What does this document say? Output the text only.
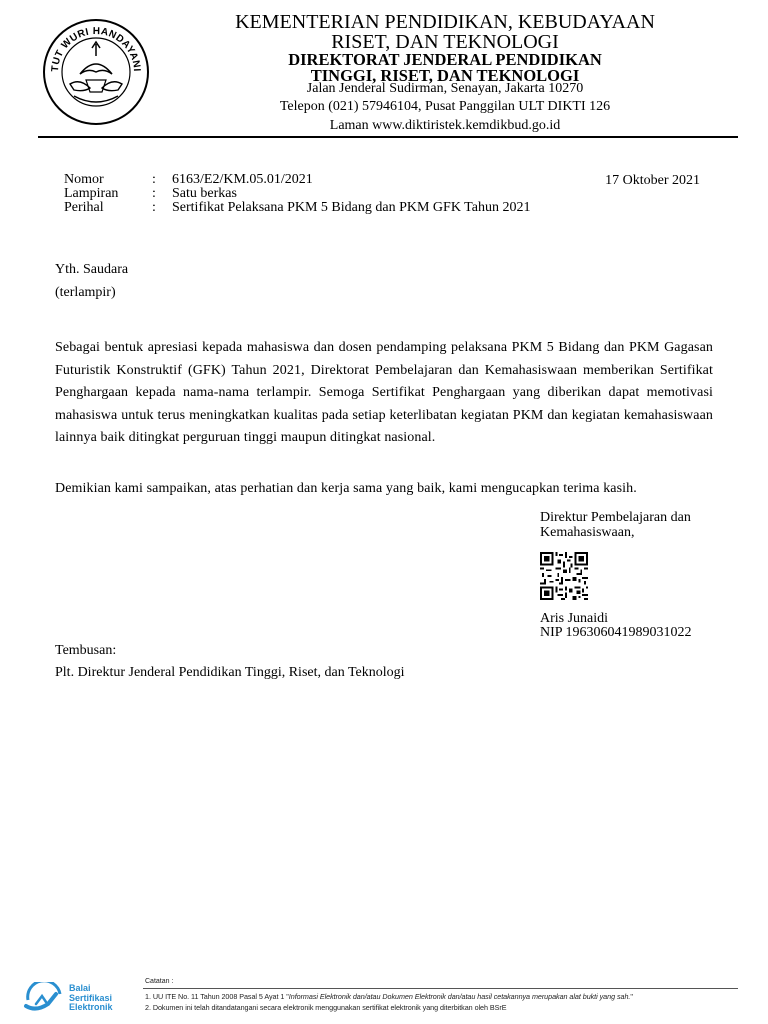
TUT WURI HANDAYANI
KEMENTERIAN PENDIDIKAN, KEBUDAYAAN
RISET, DAN TEKNOLOGI
DIREKTORAT JENDERAL PENDIDIKAN
TINGGI, RISET, DAN TEKNOLOGI
Jalan Jenderal Sudirman, Senayan, Jakarta 10270
Telepon (021) 57946104, Pusat Panggilan ULT DIKTI 126
Laman www.diktiristek.kemdikbud.go.id
Nomor	: 6163/E2/KM.05.01/2021
Lampiran : Satu berkas
Perihal	: Sertifikat Pelaksana PKM 5 Bidang dan PKM GFK Tahun 2021
17 Oktober 2021
Yth. Saudara
(terlampir)
Sebagai bentuk apresiasi kepada mahasiswa dan dosen pendamping pelaksana PKM 5 Bidang dan PKM Gagasan Futuristik Konstruktif (GFK) Tahun 2021, Direktorat Pembelajaran dan Kemahasiswaan memberikan Sertifikat Penghargaan kepada nama-nama terlampir. Semoga Sertifikat Penghargaan yang diberikan dapat memotivasi mahasiswa untuk terus meningkatkan kualitas pada setiap keterlibatan kegiatan PKM dan kegiatan kemahasiswaan lainnya baik ditingkat perguruan tinggi maupun ditingkat nasional.
Demikian kami sampaikan, atas perhatian dan kerja sama yang baik, kami mengucapkan terima kasih.
Direktur Pembelajaran dan
Kemahasiswaan,
Aris Junaidi
NIP 196306041989031022
Tembusan:
Plt. Direktur Jenderal Pendidikan Tinggi, Riset, dan Teknologi
Balai
Sertifikasi
Elektronik
Catatan :
1. UU ITE No. 11 Tahun 2008 Pasal 5 Ayat 1 "Informasi Elektronik dan/atau Dokumen Elektronik dan/atau hasil cetakannya merupakan alat bukti yang sah."
2. Dokumen ini telah ditandatangani secara elektronik menggunakan sertifikat elektronik yang diterbitkan oleh BSrE
